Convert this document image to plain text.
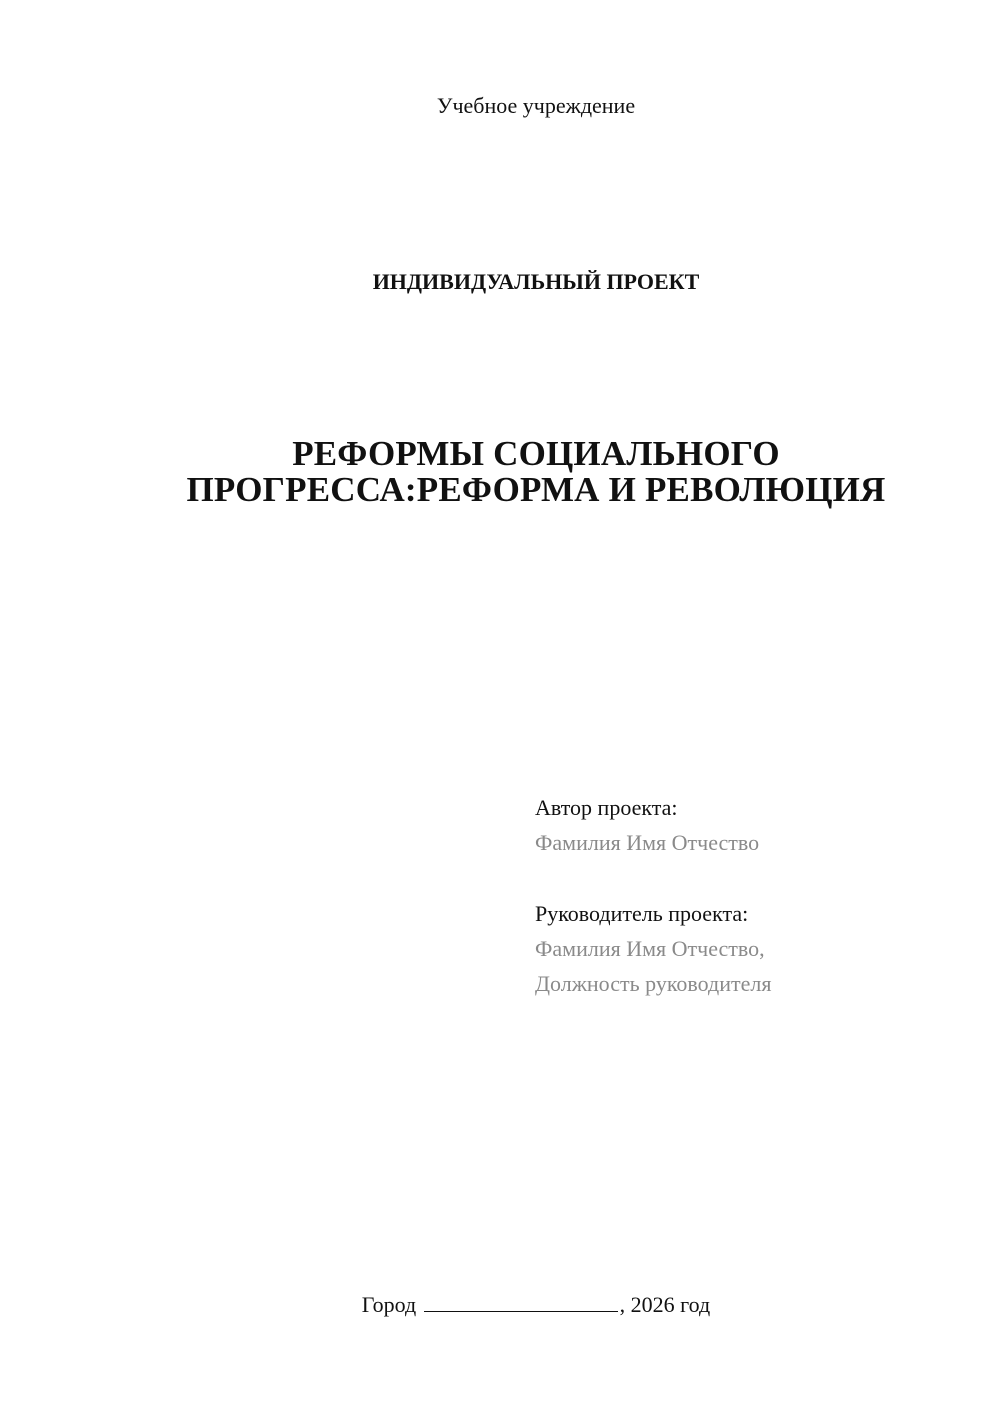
Учебное учреждение
ИНДИВИДУАЛЬНЫЙ ПРОЕКТ
РЕФОРМЫ СОЦИАЛЬНОГО
ПРОГРЕССА:РЕФОРМА И РЕВОЛЮЦИЯ
Автор проекта:
Фамилия Имя Отчество
Руководитель проекта:
Фамилия Имя Отчество,
Должность руководителя
Город	, 2026 год
